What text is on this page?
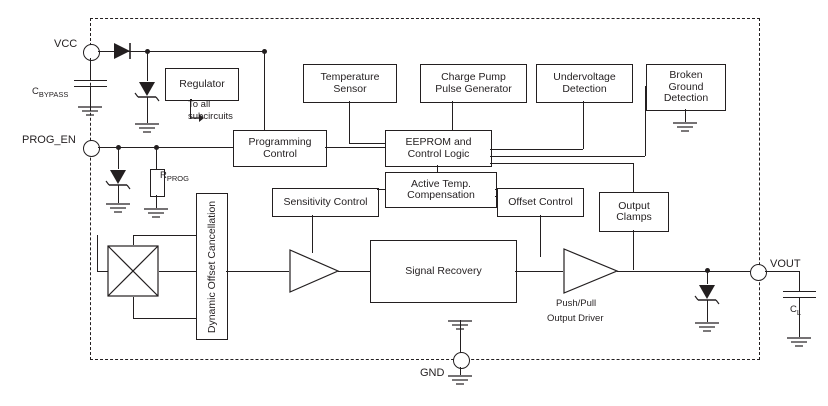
VCC
$C_{BYPASS}$
Regulator
Temperature
Sensor
Charge Pump
Pulse Generator
Undervoltage
Detection
Broken
Ground
Detection
To all
subcircuits
PROG_EN
$R_{PROG}$
Programming
Control
EEPROM and
Control Logic
Active Temp.
Compensation
Sensitivity Control	Offset Control	Output
Clamps
Dynamic Offset Cancellation	Signal Recovery
Push/Pull
Output Driver
VOUT
$C_L$
GND
